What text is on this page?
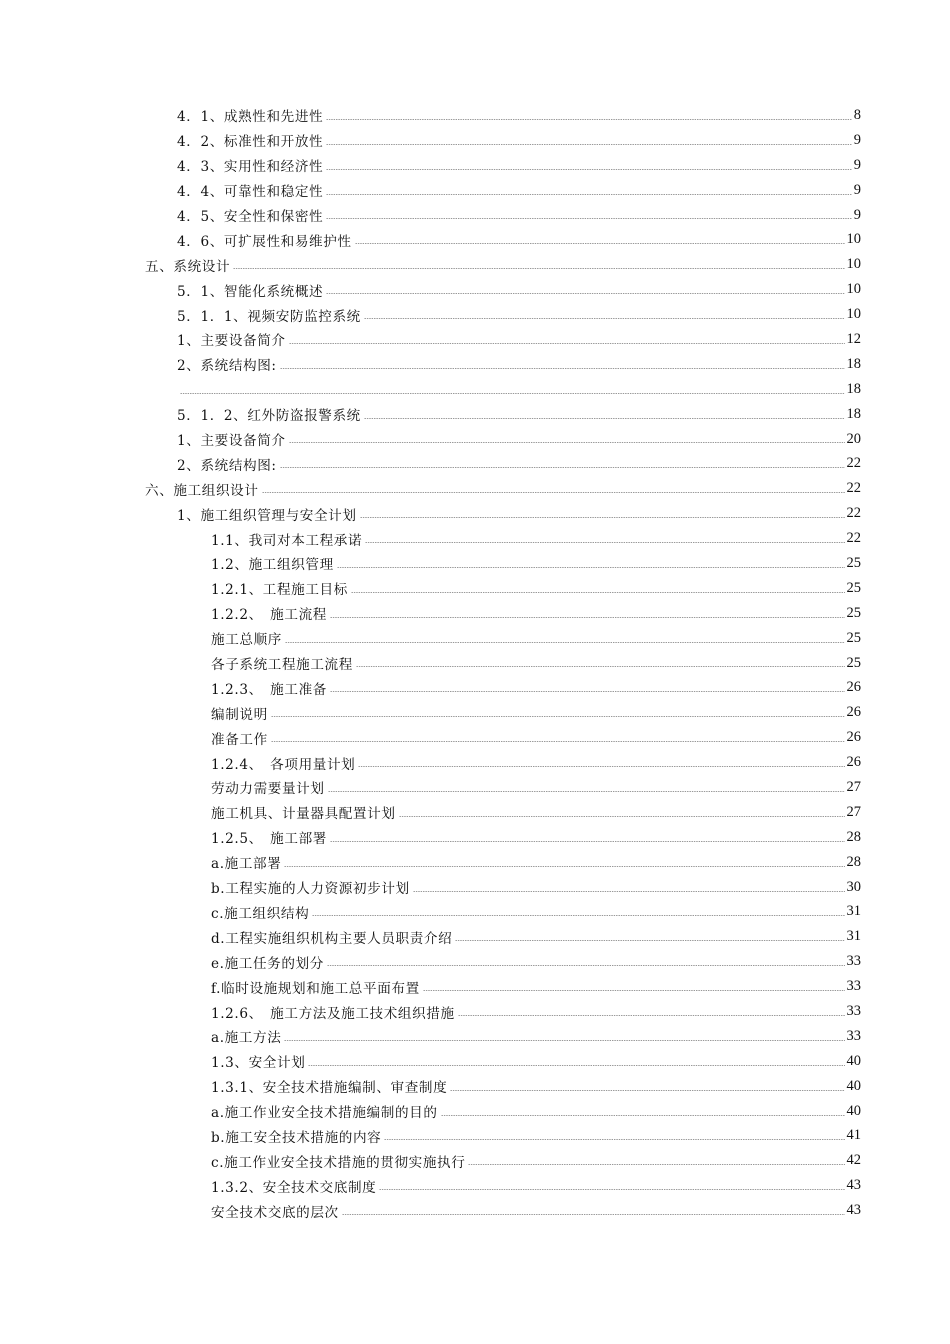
4．1、成熟性和先进性	8
4．2、标准性和开放性	9
4．3、实用性和经济性	9
4．4、可靠性和稳定性	9
4．5、安全性和保密性	9
4．6、可扩展性和易维护性	10
五、系统设计	10
5．1、智能化系统概述	10
5．1．1、视频安防监控系统	10
1、主要设备简介	12
2、系统结构图:	18
18
5．1．2、红外防盗报警系统	18
1、主要设备简介	20
2、系统结构图:	22
六、施工组织设计	22
1、施工组织管理与安全计划	22
1.1、我司对本工程承诺	22
1.2、施工组织管理	25
1.2.1、工程施工目标	25
1.2.2、　施工流程	25
施工总顺序	25
各子系统工程施工流程	25
1.2.3、　施工准备	26
编制说明	26
准备工作	26
1.2.4、　各项用量计划	26
劳动力需要量计划	27
施工机具、计量器具配置计划	27
1.2.5、　施工部署	28
a.施工部署	28
b.工程实施的人力资源初步计划	30
c.施工组织结构	31
d.工程实施组织机构主要人员职责介绍	31
e.施工任务的划分	33
f.临时设施规划和施工总平面布置	33
1.2.6、　施工方法及施工技术组织措施	33
a.施工方法	33
1.3、安全计划	40
1.3.1、安全技术措施编制、审查制度	40
a.施工作业安全技术措施编制的目的	40
b.施工安全技术措施的内容	41
c.施工作业安全技术措施的贯彻实施执行	42
1.3.2、安全技术交底制度	43
安全技术交底的层次	43
